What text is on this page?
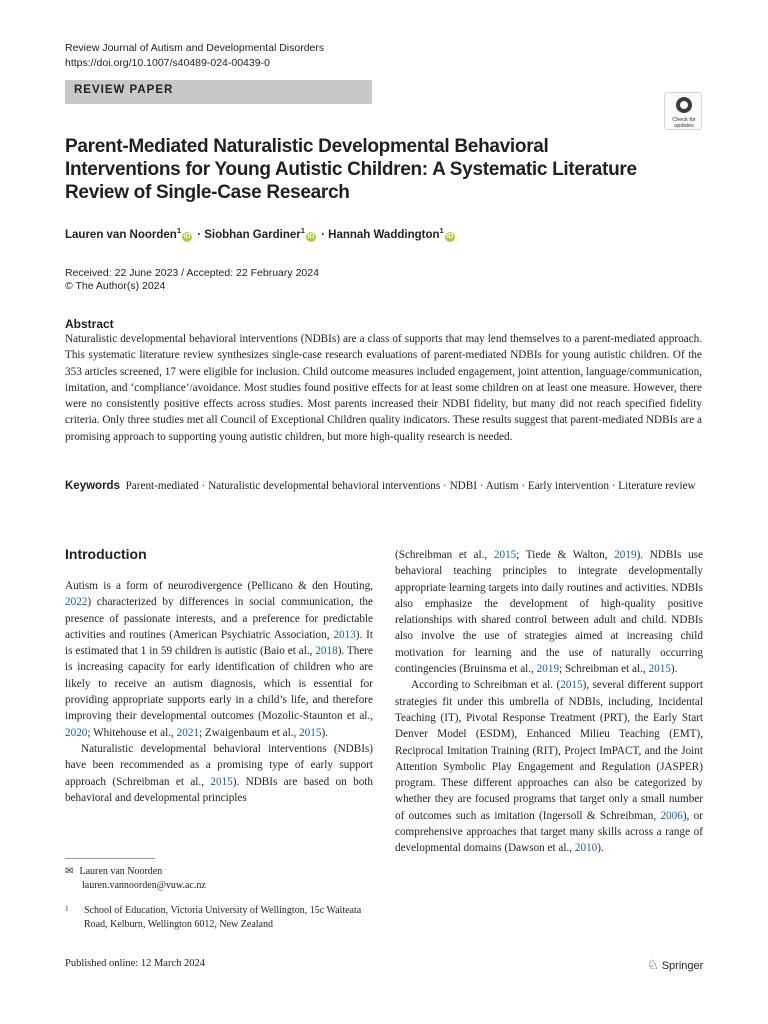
Review Journal of Autism and Developmental Disorders
https://doi.org/10.1007/s40489-024-00439-0
REVIEW PAPER
Check for
updates
Parent-Mediated Naturalistic Developmental Behavioral Interventions for Young Autistic Children: A Systematic Literature Review of Single-Case Research
Lauren van Noorden$^1$iD · Siobhan Gardiner$^1$iD · Hannah Waddington$^1$iD
Received: 22 June 2023 / Accepted: 22 February 2024
© The Author(s) 2024
Abstract
Naturalistic developmental behavioral interventions (NDBIs) are a class of supports that may lend themselves to a parent-mediated approach. This systematic literature review synthesizes single-case research evaluations of parent-mediated NDBIs for young autistic children. Of the 353 articles screened, 17 were eligible for inclusion. Child outcome measures included engagement, joint attention, language/communication, imitation, and ‘compliance’/avoidance. Most studies found positive effects for at least some children on at least one measure. However, there were no consistently positive effects across studies. Most parents increased their NDBI fidelity, but many did not reach specified fidelity criteria. Only three studies met all Council of Exceptional Children quality indicators. These results suggest that parent-mediated NDBIs are a promising approach to supporting young autistic children, but more high-quality research is needed.
Keywords Parent-mediated · Naturalistic developmental behavioral interventions · NDBI · Autism · Early intervention · Literature review
Introduction

Autism is a form of neurodivergence (Pellicano & den Houting, 2022) characterized by differences in social communication, the presence of passionate interests, and a preference for predictable activities and routines (American Psychiatric Association, 2013). It is estimated that 1 in 59 children is autistic (Baio et al., 2018). There is increasing capacity for early identification of children who are likely to receive an autism diagnosis, which is essential for providing appropriate supports early in a child’s life, and therefore improving their developmental outcomes (Mozolic-Staunton et al., 2020; Whitehouse et al., 2021; Zwaigenbaum et al., 2015).

Naturalistic developmental behavioral interventions (NDBIs) have been recommended as a promising type of early support approach (Schreibman et al., 2015). NDBIs are based on both behavioral and developmental principles

(Schreibman et al., 2015; Tiede & Walton, 2019). NDBIs use behavioral teaching principles to integrate developmentally appropriate learning targets into daily routines and activities. NDBIs also emphasize the development of high-quality positive relationships with shared control between adult and child. NDBIs also involve the use of strategies aimed at increasing child motivation for learning and the use of naturally occurring contingencies (Bruinsma et al., 2019; Schreibman et al., 2015).

According to Schreibman et al. (2015), several different support strategies fit under this umbrella of NDBIs, including, Incidental Teaching (IT), Pivotal Response Treatment (PRT), the Early Start Denver Model (ESDM), Enhanced Milieu Teaching (EMT), Reciprocal Imitation Training (RIT), Project ImPACT, and the Joint Attention Symbolic Play Engagement and Regulation (JASPER) program. These different approaches can also be categorized by whether they are focused programs that target only a small number of outcomes such as imitation (Ingersoll & Schreibman, 2006), or comprehensive approaches that target many skills across a range of developmental domains (Dawson et al., 2010).

✉ Lauren van Noorden
lauren.vannoorden@vuw.ac.nz
1 School of Education, Victoria University of Wellington, 15c Waiteata Road, Kelburn, Wellington 6012, New Zealand
Published online: 12 March 2024	♘ Springer
